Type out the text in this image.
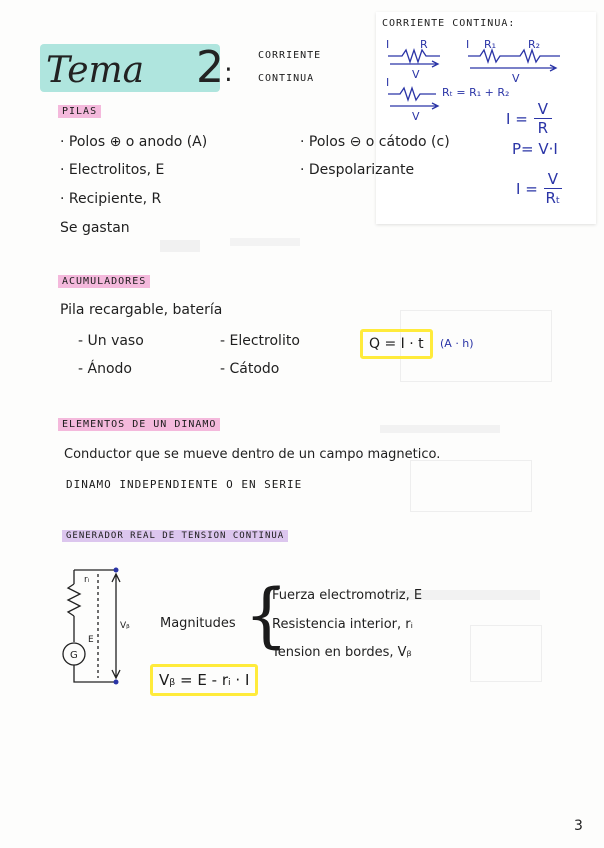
Tema 2 :
CORRIENTE
CONTINUA
CORRIENTE CONTINUA:
I	R
V
I R₁	R₂
V
I
Rₜ = R₁ + R₂
V	$I = \frac{V}{R}$
P= V·I
$I = \frac{V}{\text{Rₜ}}$
PILAS
· Polos ⊕ o anodo (A)
· Electrolitos, E
· Recipiente, R
· Polos ⊖ o cátodo (c)
· Despolarizante
Se gastan
ACUMULADORES
Pila recargable, batería
- Un vaso
- Ánodo
- Electrolito
- Cátodo
Q = I · t	(A · h)
ELEMENTOS DE UN DINAMO
Conductor que se mueve dentro de un campo magnetico.
DINAMO INDEPENDIENTE O EN SERIE
GENERADOR REAL DE TENSION CONTINUA
rᵢ
E
Vᵦ
G
Magnitudes {
Fuerza electromotriz, E
Resistencia interior, rᵢ
Tension en bordes, Vᵦ
Vᵦ = E - rᵢ · I
3
